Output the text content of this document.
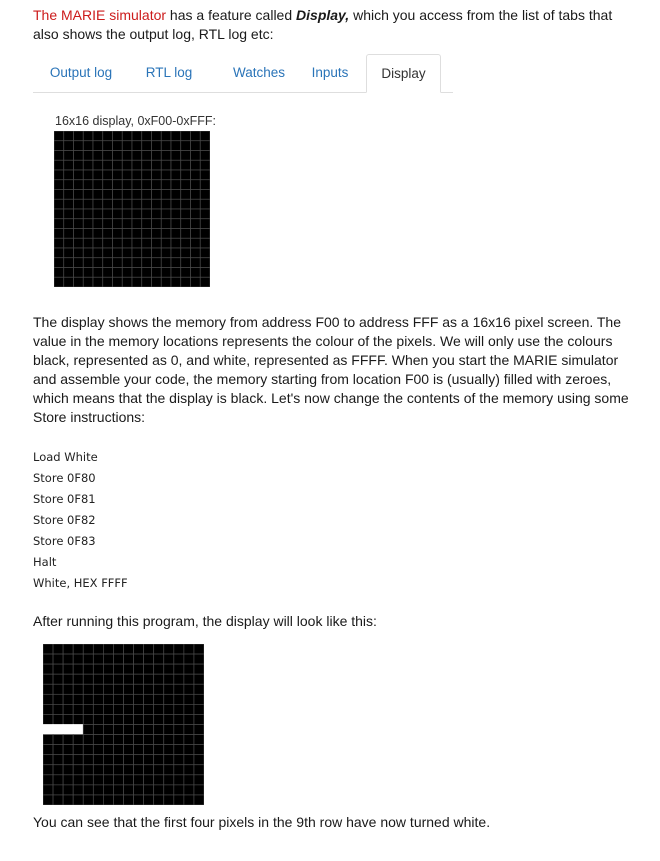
The MARIE simulator has a feature called Display, which you access from the list of tabs that also shows the output log, RTL log etc:

Output log	RTL log	Watches	Inputs	Display
16x16 display, 0xF00-0xFFF:

The display shows the memory from address F00 to address FFF as a 16x16 pixel screen. The value in the memory locations represents the colour of the pixels. We will only use the colours black, represented as 0, and white, represented as FFFF. When you start the MARIE simulator and assemble your code, the memory starting from location F00 is (usually) filled with zeroes, which means that the display is black. Let's now change the contents of the memory using some Store instructions:

Load White
Store 0F80
Store 0F81
Store 0F82
Store 0F83
Halt
White, HEX FFFF

After running this program, the display will look like this:

You can see that the first four pixels in the 9th row have now turned white.
